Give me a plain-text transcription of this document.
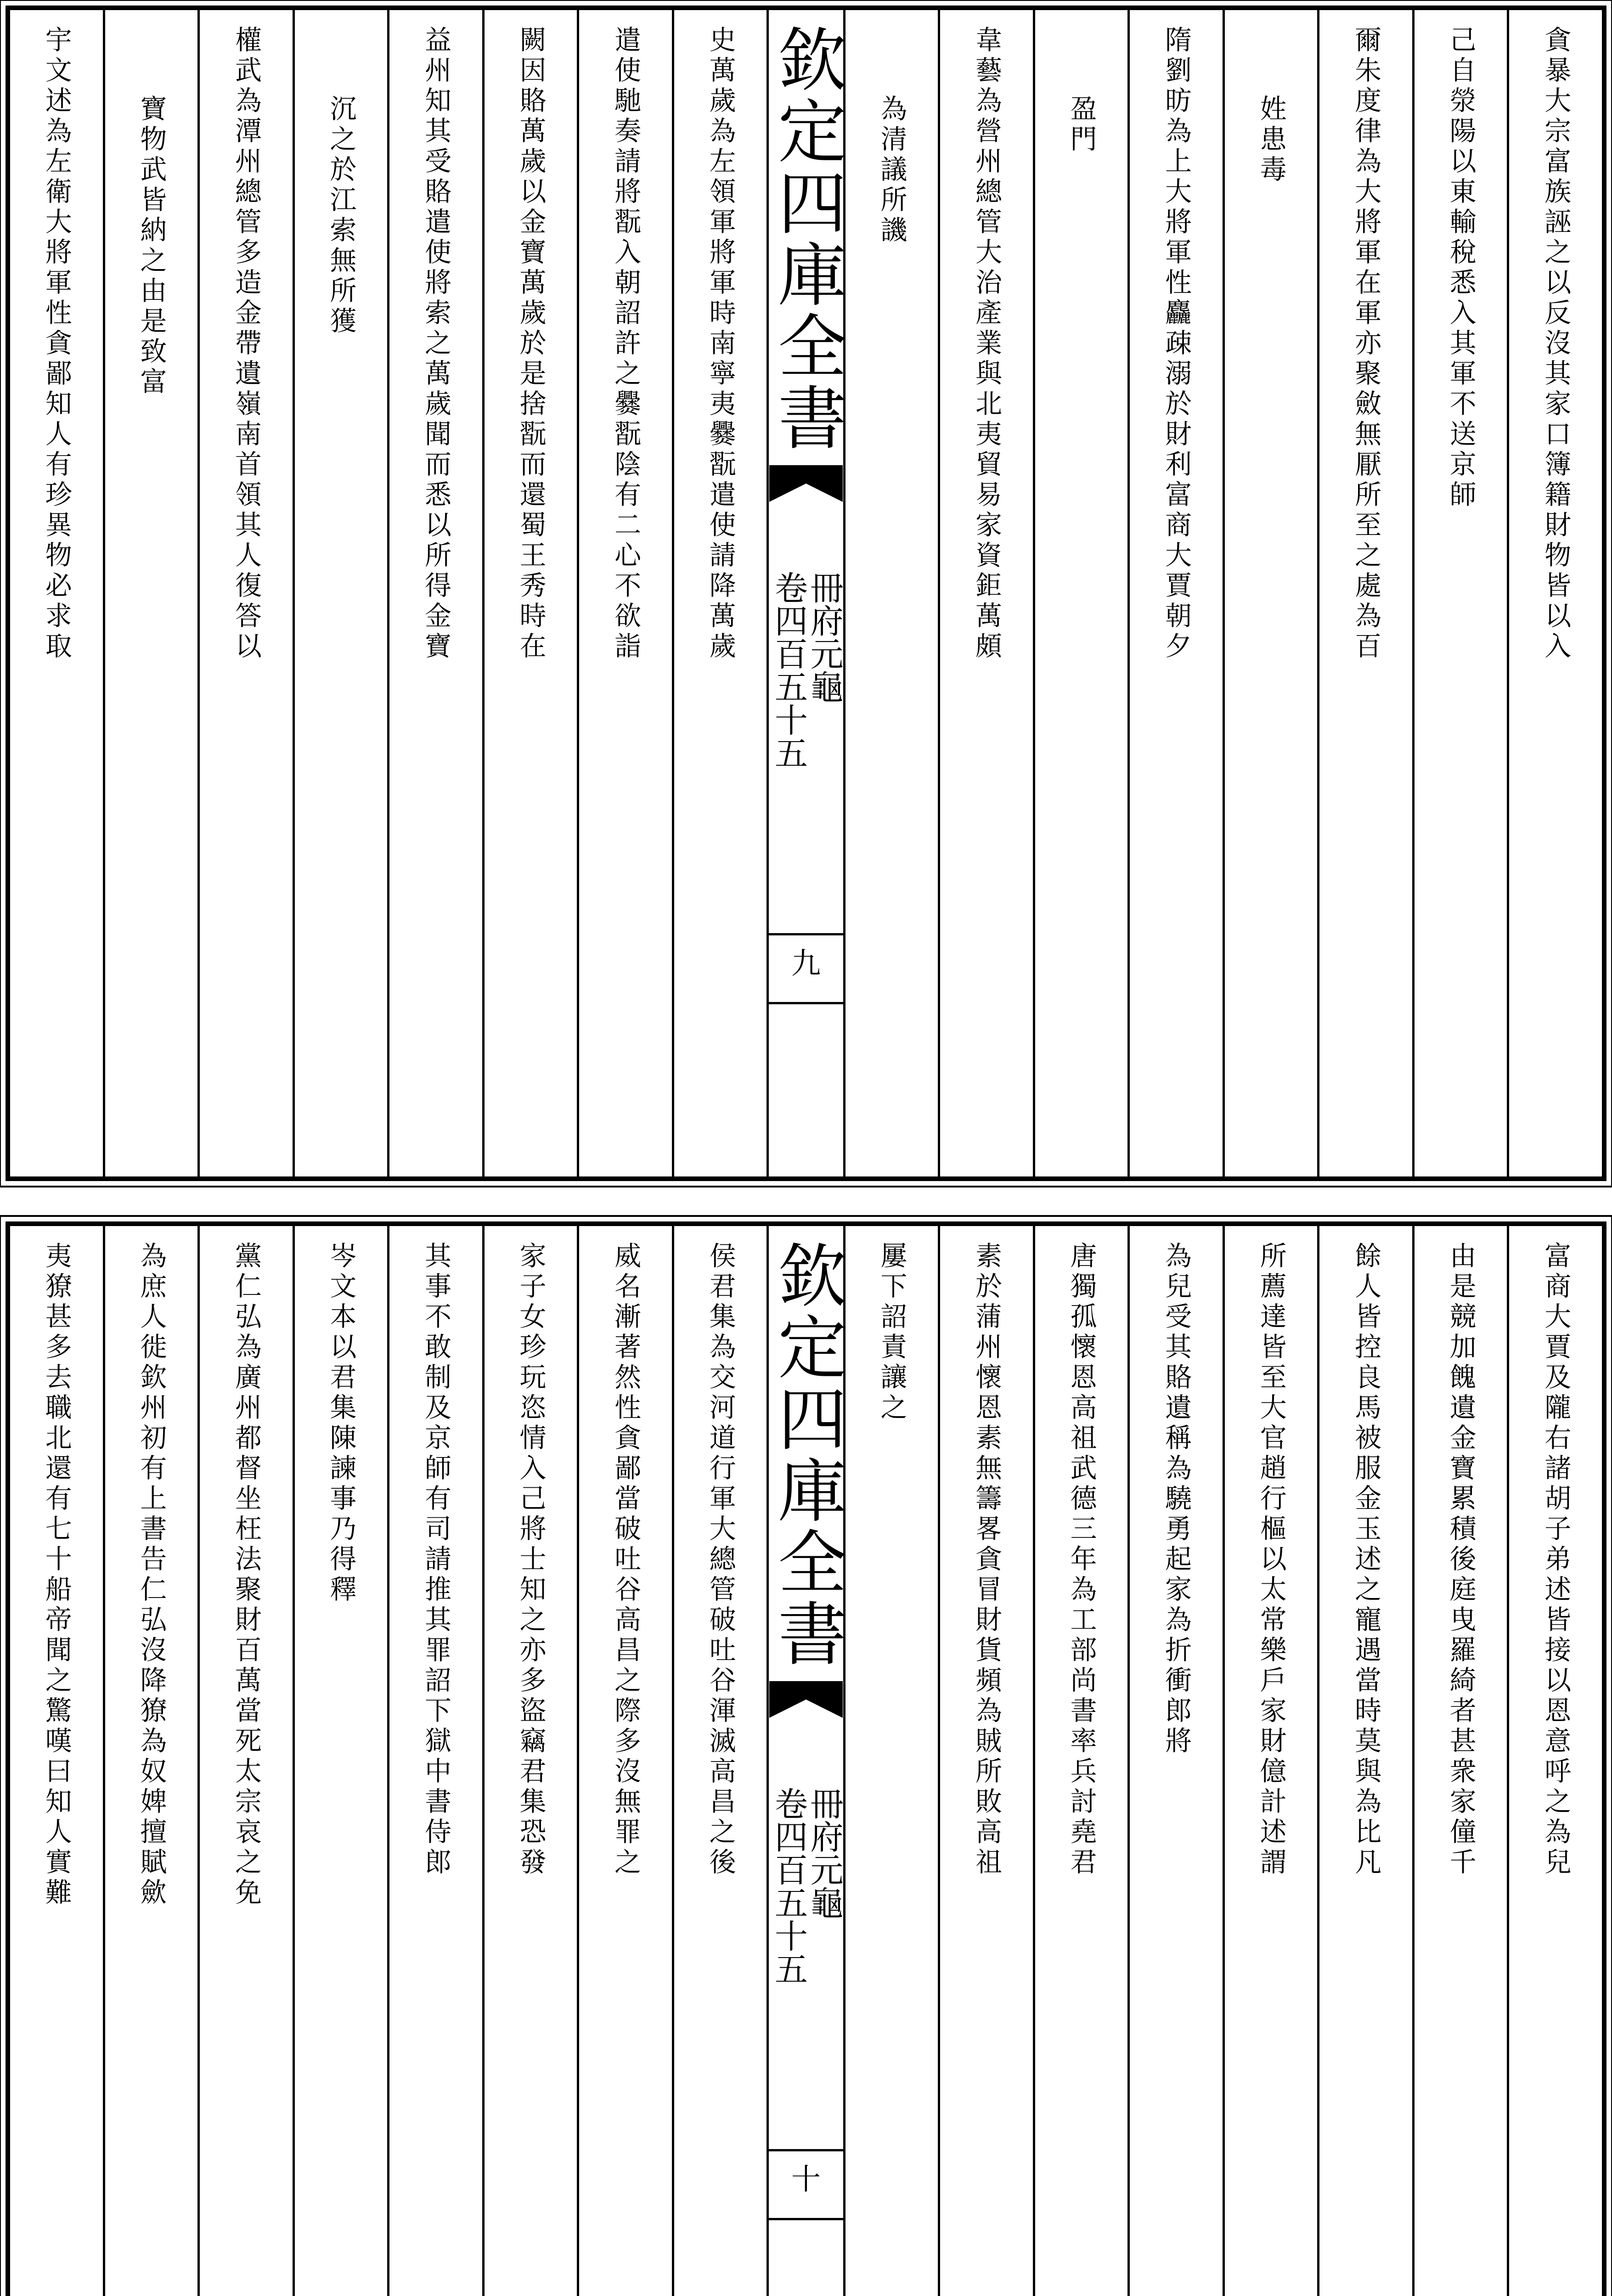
貪暴大宗富族誣之以反沒其家口簿籍財物皆以入
己自滎陽以東輸稅悉入其軍不送京師
爾朱度律為大將軍在軍亦聚斂無厭所至之處為百
姓患毒
隋劉昉為上大將軍性麤疎溺於財利富商大賈朝夕
盈門
韋藝為營州總管大治產業與北夷貿易家資鉅萬頗
為清議所譏
欽定四庫全書
冊府元龜
卷四百五十五
九
史萬歲為左領軍將軍時南寧夷爨翫遣使請降萬歲
遣使馳奏請將翫入朝詔許之爨翫陰有二心不欲詣
闕因賂萬歲以金寶萬歲於是捨翫而還蜀王秀時在
益州知其受賂遣使將索之萬歲聞而悉以所得金寶
沉之於江索無所獲
權武為潭州總管多造金帶遺嶺南首領其人復答以
寶物武皆納之由是致富
宇文述為左衛大將軍性貪鄙知人有珍異物必求取
富商大賈及隴右諸胡子弟述皆接以恩意呼之為兒
由是競加餽遺金寶累積後庭曳羅綺者甚衆家僮千
餘人皆控良馬被服金玉述之寵遇當時莫與為比凡
所薦達皆至大官趙行樞以太常樂戶家財億計述謂
為兒受其賂遺稱為驍勇起家為折衝郎將
唐獨孤懷恩高祖武德三年為工部尚書率兵討堯君
素於蒲州懷恩素無籌畧貪冒財貨頻為賊所敗高祖
屢下詔責讓之
欽定四庫全書
冊府元龜
卷四百五十五
十
侯君集為交河道行軍大總管破吐谷渾滅高昌之後
威名漸著然性貪鄙當破吐谷高昌之際多沒無罪之
家子女珍玩恣情入己將士知之亦多盜竊君集恐發
其事不敢制及京師有司請推其罪詔下獄中書侍郎
岑文本以君集陳諫事乃得釋
黨仁弘為廣州都督坐枉法聚財百萬當死太宗哀之免
為庶人徙欽州初有上書告仁弘沒降獠為奴婢擅賦歛
夷獠甚多去職北還有七十船帝聞之驚嘆曰知人實難
